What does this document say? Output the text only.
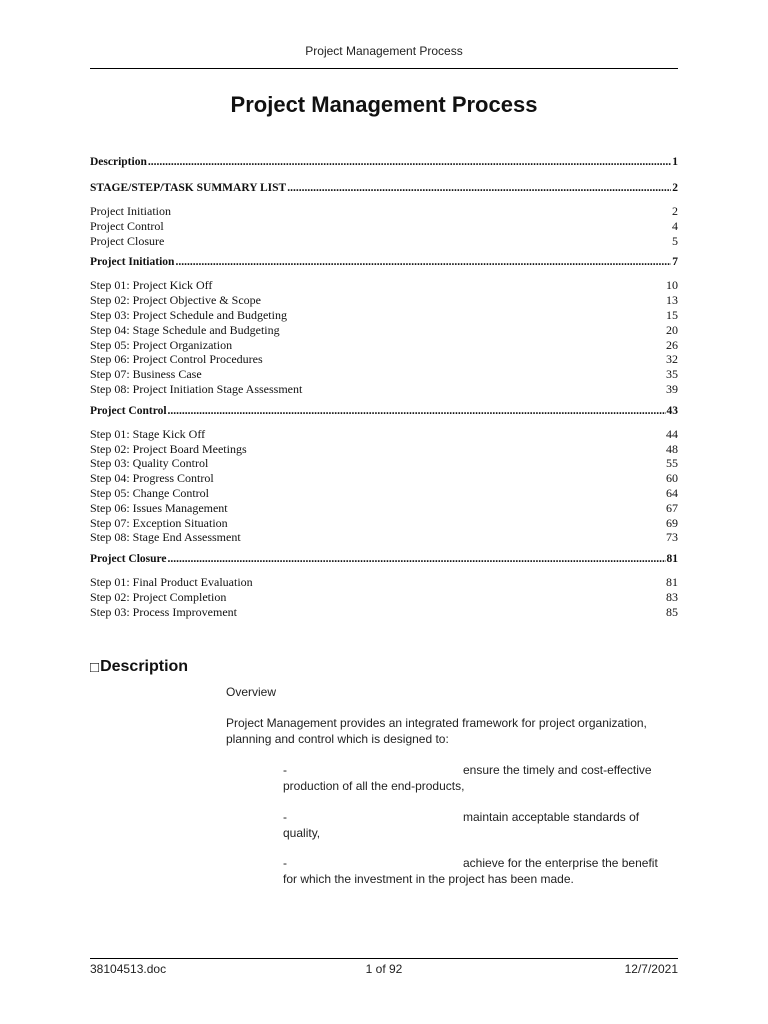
Project Management Process
Project Management Process
Description .....	1
STAGE/STEP/TASK SUMMARY LIST .....	2
Project Initiation	2
Project Control	4
Project Closure	5
Project Initiation .....	7
Step 01: Project Kick Off	10
Step 02: Project Objective & Scope	13
Step 03: Project Schedule and Budgeting	15
Step 04: Stage Schedule and Budgeting	20
Step 05: Project Organization	26
Step 06: Project Control Procedures	32
Step 07: Business Case	35
Step 08: Project Initiation Stage Assessment	39
Project Control .....	43
Step 01: Stage Kick Off	44
Step 02: Project Board Meetings	48
Step 03: Quality Control	55
Step 04: Progress Control	60
Step 05: Change Control	64
Step 06: Issues Management	67
Step 07: Exception Situation	69
Step 08: Stage End Assessment	73
Project Closure .....	81
Step 01: Final Product Evaluation	81
Step 02: Project Completion	83
Step 03: Process Improvement	85
□ Description
Overview
Project Management provides an integrated framework for project organization,
planning and control which is designed to:
-	ensure the timely and cost-effective
production of all the end-products,
-	maintain acceptable standards of
quality,
-	achieve for the enterprise the benefit
for which the investment in the project has been made.
38104513.doc	1 of 92	12/7/2021
